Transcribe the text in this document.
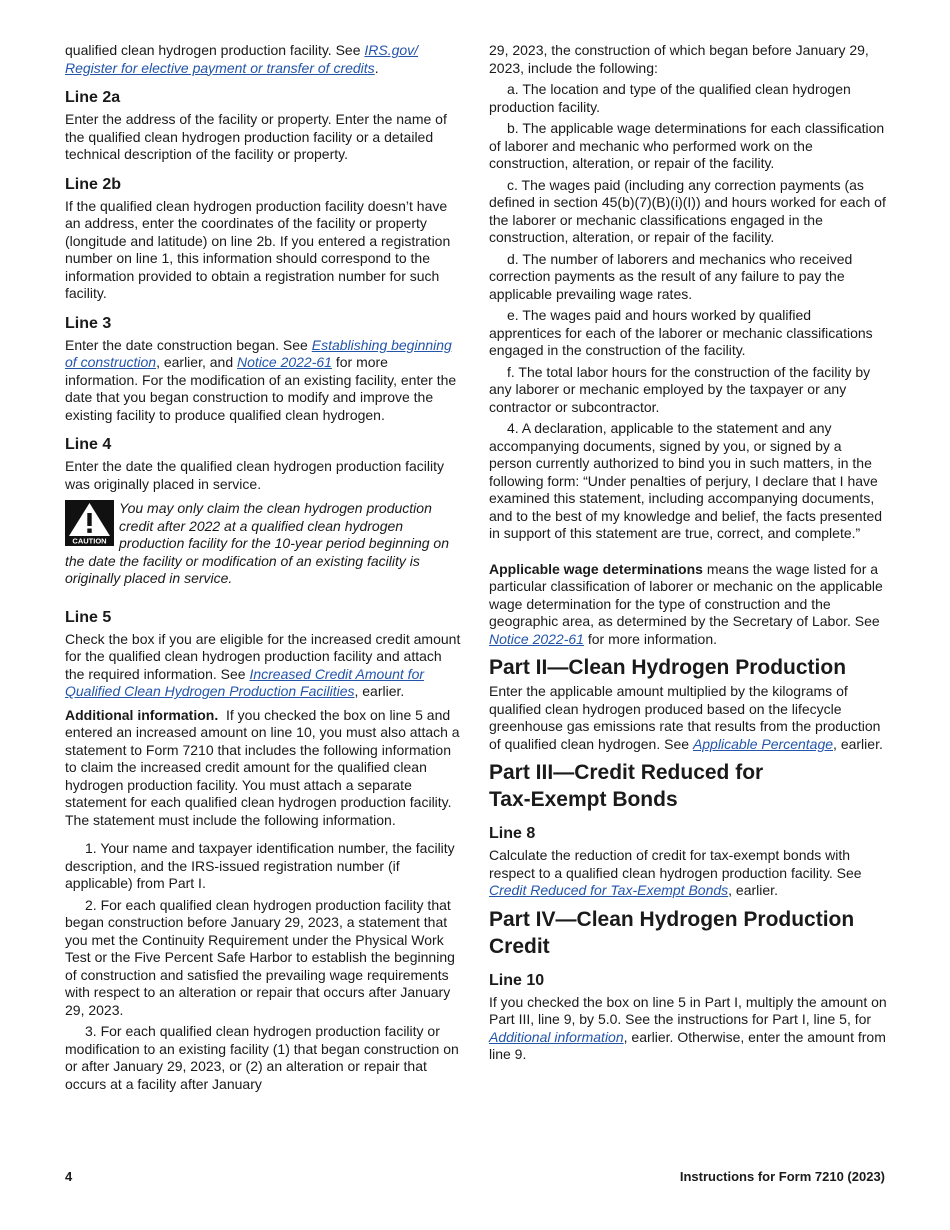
qualified clean hydrogen production facility. See IRS.gov/ Register for elective payment or transfer of credits.

Line 2a

Enter the address of the facility or property. Enter the name of the qualified clean hydrogen production facility or a detailed technical description of the facility or property.

Line 2b

If the qualified clean hydrogen production facility doesn’t have an address, enter the coordinates of the facility or property (longitude and latitude) on line 2b. If you entered a registration number on line 1, this information should correspond to the information provided to obtain a registration number for such facility.

Line 3

Enter the date construction began. See Establishing beginning of construction, earlier, and Notice 2022-61 for more information. For the modification of an existing facility, enter the date that you began construction to modify and improve the existing facility to produce qualified clean hydrogen.

Line 4

Enter the date the qualified clean hydrogen production facility was originally placed in service.

CAUTION

You may only claim the clean hydrogen production credit after 2022 at a qualified clean hydrogen production facility for the 10-year period beginning on the date the facility or modification of an existing facility is originally placed in service.

Line 5

Check the box if you are eligible for the increased credit amount for the qualified clean hydrogen production facility and attach the required information. See Increased Credit Amount for Qualified Clean Hydrogen Production Facilities, earlier.

Additional information. If you checked the box on line 5 and entered an increased amount on line 10, you must also attach a statement to Form 7210 that includes the following information to claim the increased credit amount for the qualified clean hydrogen production facility. You must attach a separate statement for each qualified clean hydrogen production facility. The statement must include the following information.

1. Your name and taxpayer identification number, the facility description, and the IRS-issued registration number (if applicable) from Part I.

2. For each qualified clean hydrogen production facility that began construction before January 29, 2023, a statement that you met the Continuity Requirement under the Physical Work Test or the Five Percent Safe Harbor to establish the beginning of construction and satisfied the prevailing wage requirements with respect to an alteration or repair that occurs after January 29, 2023.

3. For each qualified clean hydrogen production facility or modification to an existing facility (1) that began construction on or after January 29, 2023, or (2) an alteration or repair that occurs at a facility after January

29, 2023, the construction of which began before January 29, 2023, include the following:

a. The location and type of the qualified clean hydrogen production facility.

b. The applicable wage determinations for each classification of laborer and mechanic who performed work on the construction, alteration, or repair of the facility.

c. The wages paid (including any correction payments (as defined in section 45(b)(7)(B)(i)(I)) and hours worked for each of the laborer or mechanic classifications engaged in the construction, alteration, or repair of the facility.

d. The number of laborers and mechanics who received correction payments as the result of any failure to pay the applicable prevailing wage rates.

e. The wages paid and hours worked by qualified apprentices for each of the laborer or mechanic classifications engaged in the construction of the facility.

f. The total labor hours for the construction of the facility by any laborer or mechanic employed by the taxpayer or any contractor or subcontractor.

4. A declaration, applicable to the statement and any accompanying documents, signed by you, or signed by a person currently authorized to bind you in such matters, in the following form: “Under penalties of perjury, I declare that I have examined this statement, including accompanying documents, and to the best of my knowledge and belief, the facts presented in support of this statement are true, correct, and complete.”

Applicable wage determinations means the wage listed for a particular classification of laborer or mechanic on the applicable wage determination for the type of construction and the geographic area, as determined by the Secretary of Labor. See Notice 2022-61 for more information.

Part II—Clean Hydrogen Production

Enter the applicable amount multiplied by the kilograms of qualified clean hydrogen produced based on the lifecycle greenhouse gas emissions rate that results from the production of qualified clean hydrogen. See Applicable Percentage, earlier.

Part III—Credit Reduced for
Tax-Exempt Bonds
Line 8

Calculate the reduction of credit for tax-exempt bonds with respect to a qualified clean hydrogen production facility. See Credit Reduced for Tax-Exempt Bonds, earlier.

Part IV—Clean Hydrogen Production
Credit
Line 10

If you checked the box on line 5 in Part I, multiply the amount on Part III, line 9, by 5.0. See the instructions for Part I, line 5, for Additional information, earlier. Otherwise, enter the amount from line 9.

4	Instructions for Form 7210 (2023)
